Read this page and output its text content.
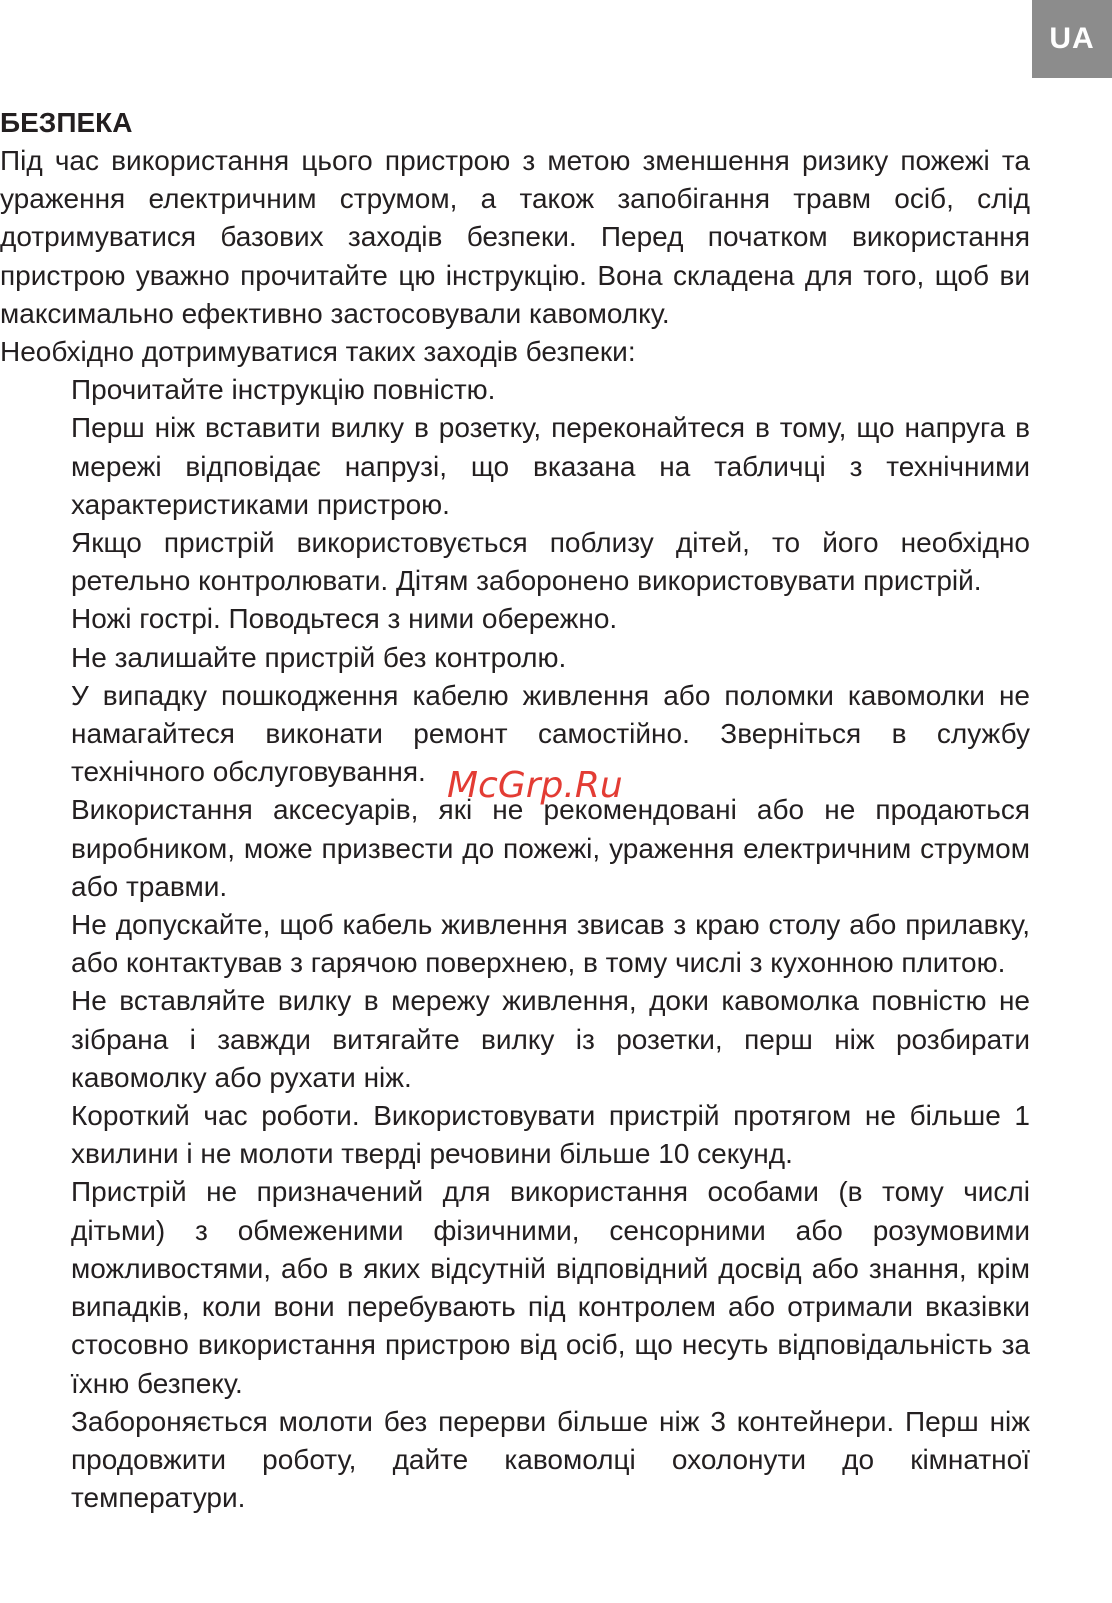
UA
БЕЗПЕКА

Під час використання цього пристрою з метою зменшення ризику пожежі та ураження електричним струмом, а також запобігання травм осіб, слід дотримуватися базових заходів безпеки. Перед початком використання пристрою уважно прочитайте цю інструкцію. Вона складена для того, щоб ви максимально ефективно застосовували кавомолку.

Необхідно дотримуватися таких заходів безпеки:

Прочитайте інструкцію повністю.
Перш ніж вставити вилку в розетку, переконайтеся в тому, що напруга в мережі відповідає напрузі, що вказана на табличці з технічними характеристиками пристрою.
Якщо пристрій використовується поблизу дітей, то його необхідно ретельно контролювати. Дітям заборонено використовувати пристрій.
Ножі гострі. Поводьтеся з ними обережно.
Не залишайте пристрій без контролю.
У випадку пошкодження кабелю живлення або поломки кавомолки не намагайтеся виконати ремонт самостійно. Зверніться в службу технічного обслуговування.
Використання аксесуарів, які не рекомендовані або не продаються виробником, може призвести до пожежі, ураження електричним струмом або травми.
Не допускайте, щоб кабель живлення звисав з краю столу або прилавку, або контактував з гарячою поверхнею, в тому числі з кухонною плитою.
Не вставляйте вилку в мережу живлення, доки кавомолка повністю не зібрана і завжди витягайте вилку із розетки, перш ніж розбирати кавомолку або рухати ніж.
Короткий час роботи. Використовувати пристрій протягом не більше 1 хвилини і не молоти тверді речовини більше 10 секунд.
Пристрій не призначений для використання особами (в тому числі дітьми) з обмеженими фізичними, сенсорними або розумовими можливостями, або в яких відсутній відповідний досвід або знання, крім випадків, коли вони перебувають під контролем або отримали вказівки стосовно використання пристрою від осіб, що несуть відповідальність за їхню безпеку.
Забороняється молоти без перерви більше ніж 3 контейнери. Перш ніж продовжити роботу, дайте кавомолці охолонути до кімнатної температури.
McGrp.Ru
